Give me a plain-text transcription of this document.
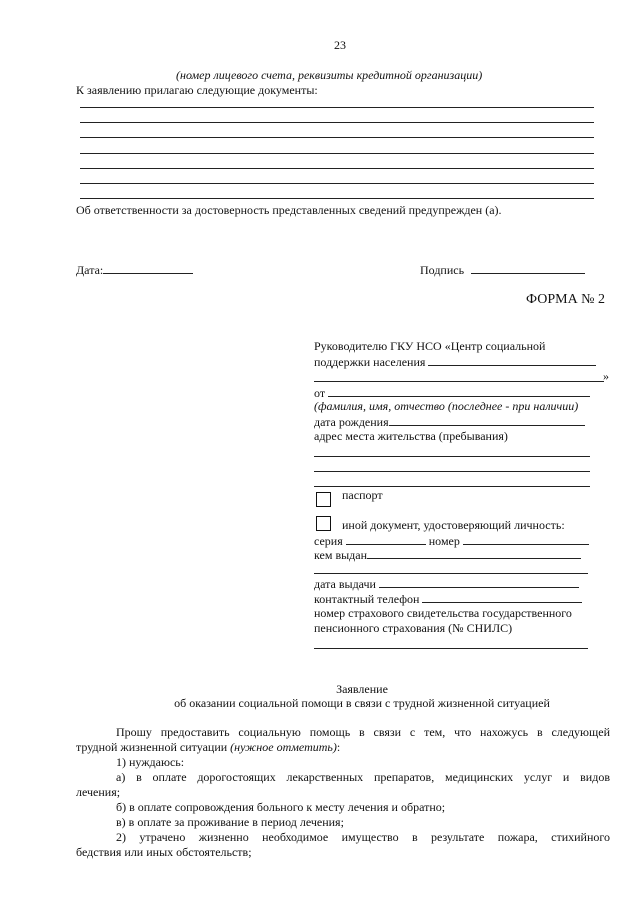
23
(номер лицевого счета, реквизиты кредитной организации)
К заявлению прилагаю следующие документы:
Об ответственности за достоверность представленных сведений предупрежден (а).
Дата:	Подпись
ФОРМА № 2
Руководителю ГКУ НСО «Центр социальной
поддержки населения
»
от
(фамилия, имя, отчество (последнее - при наличии)
дата рождения
адрес места жительства (пребывания)
паспорт
иной документ, удостоверяющий личность:
серия	номер
кем выдан
дата выдачи
контактный телефон
номер страхового свидетельства государственного
пенсионного страхования (№ СНИЛС)
Заявление
об оказании социальной помощи в связи с трудной жизненной ситуацией
Прошу предоставить социальную помощь в связи с тем, что нахожусь в следующей
трудной жизненной ситуации (нужное отметить):
1) нуждаюсь:
а) в оплате дорогостоящих лекарственных препаратов, медицинских услуг и видов
лечения;
б) в оплате сопровождения больного к месту лечения и обратно;
в) в оплате за проживание в период лечения;
2) утрачено жизненно необходимое имущество в результате пожара, стихийного
бедствия или иных обстоятельств;
